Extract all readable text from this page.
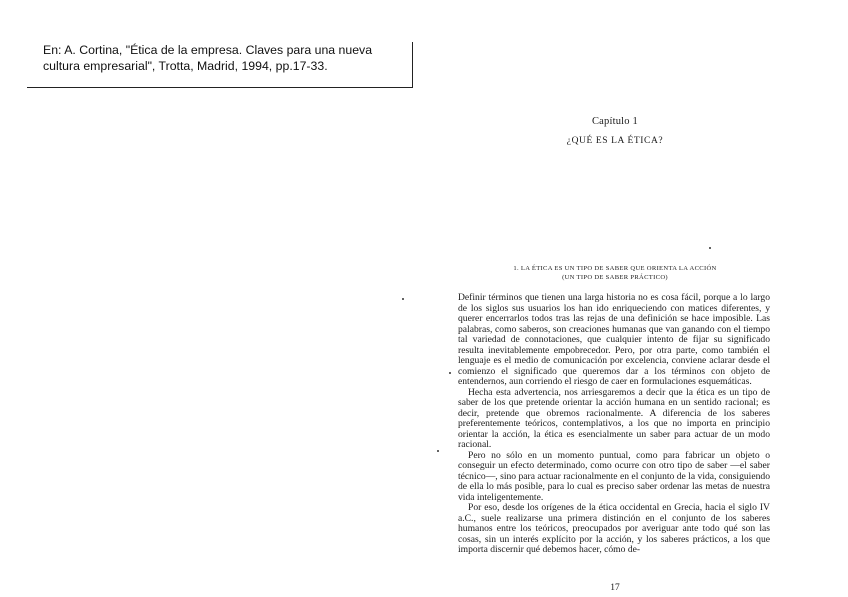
En: A. Cortina, "Ética de la empresa. Claves para una nueva
cultura empresarial", Trotta, Madrid, 1994, pp.17-33.
Capítulo 1
¿QUÉ ES LA ÉTICA?
1. LA ÉTICA ES UN TIPO DE SABER QUE ORIENTA LA ACCIÓN
(UN TIPO DE SABER PRÁCTICO)

Definir términos que tienen una larga historia no es cosa fácil, porque a lo largo de los siglos sus usuarios los han ido enriqueciendo con matices diferentes, y querer encerrarlos todos tras las rejas de una definición se hace imposible. Las palabras, como saberos, son creaciones humanas que van ganando con el tiempo tal variedad de connotaciones, que cualquier intento de fijar su significado resulta inevitablemente empobrecedor. Pero, por otra parte, como también el lenguaje es el medio de comunicación por excelencia, conviene aclarar desde el comienzo el significado que queremos dar a los términos con objeto de entendernos, aun corriendo el riesgo de caer en formulaciones esquemáticas.

Hecha esta advertencia, nos arriesgaremos a decir que la ética es un tipo de saber de los que pretende orientar la acción humana en un sentido racional; es decir, pretende que obremos racionalmente. A diferencia de los saberes preferentemente teóricos, contemplativos, a los que no importa en principio orientar la acción, la ética es esencialmente un saber para actuar de un modo racional.

Pero no sólo en un momento puntual, como para fabricar un objeto o conseguir un efecto determinado, como ocurre con otro tipo de saber —el saber técnico—, sino para actuar racionalmente en el conjunto de la vida, consiguiendo de ella lo más posible, para lo cual es preciso saber ordenar las metas de nuestra vida inteligentemente.

Por eso, desde los orígenes de la ética occidental en Grecia, hacia el siglo IV a.C., suele realizarse una primera distinción en el conjunto de los saberes humanos entre los teóricos, preocupados por averiguar ante todo qué son las cosas, sin un interés explícito por la acción, y los saberes prácticos, a los que importa discernir qué debemos hacer, cómo de-

17
